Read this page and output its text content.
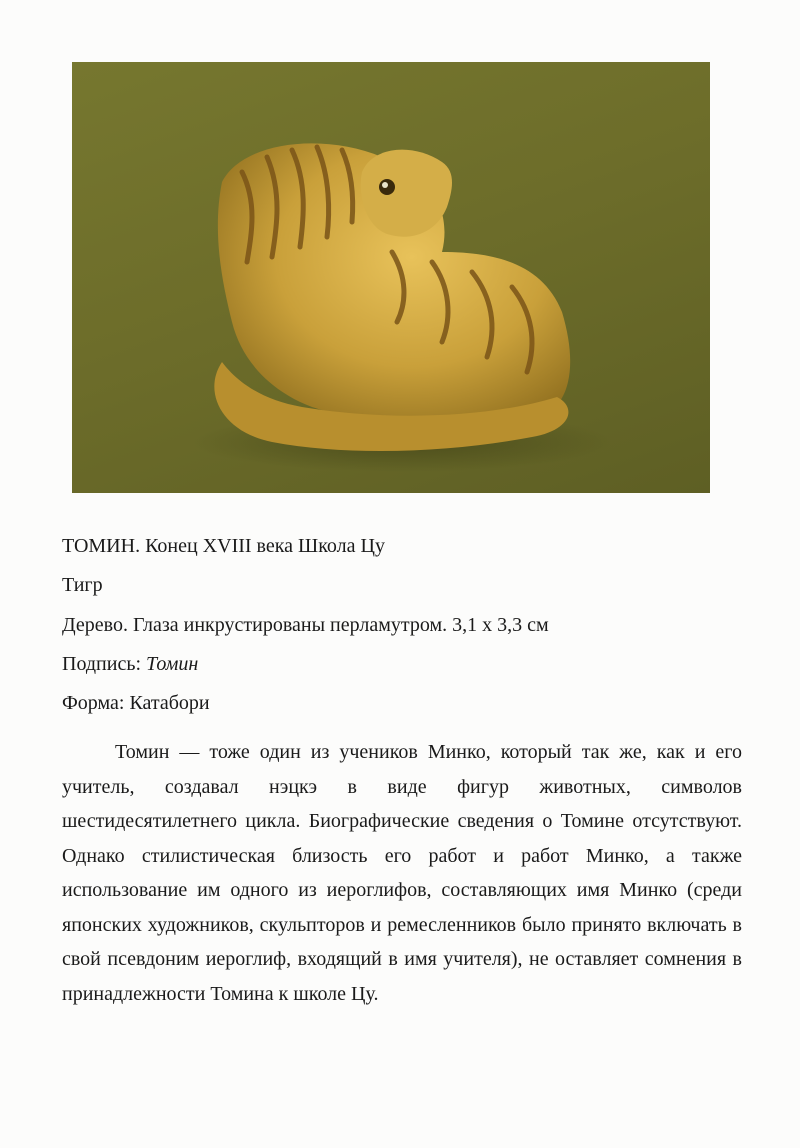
ТОМИН. Конец XVIII века Школа Цу
Тигр
Дерево. Глаза инкрустированы перламутром. 3,1 x 3,3 см
Подпись: Томин
Форма: Катабори

Томин — тоже один из учеников Минко, который так же, как и его учитель, создавал нэцкэ в виде фигур животных, символов шестидесятилетнего цикла. Биографические сведения о Томине отсутствуют. Однако стилистическая близость его работ и работ Минко, а также использование им одного из иероглифов, составляющих имя Минко (среди японских художников, скульпторов и ремесленников было принято включать в свой псевдоним иероглиф, входящий в имя учителя), не оставляет сомнения в принадлежности Томина к школе Цу.
